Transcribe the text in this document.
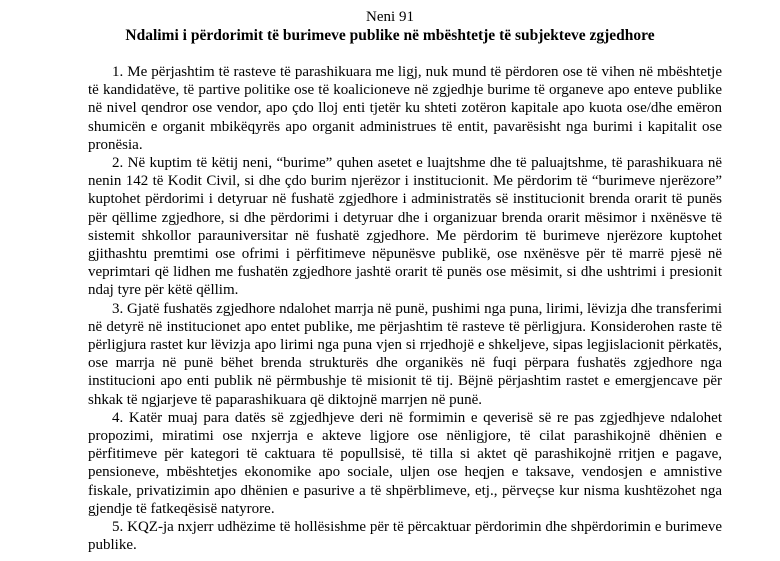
Neni 91
Ndalimi i përdorimit të burimeve publike në mbështetje të subjekteve zgjedhore

1. Me përjashtim të rasteve të parashikuara me ligj, nuk mund të përdoren ose të vihen në mbështetje të kandidatëve, të partive politike ose të koalicioneve në zgjedhje burime të organeve apo enteve publike në nivel qendror ose vendor, apo çdo lloj enti tjetër ku shteti zotëron kapitale apo kuota ose/dhe emëron shumicën e organit mbikëqyrës apo organit administrues të entit, pavarësisht nga burimi i kapitalit ose pronësia.

2. Në kuptim të këtij neni, “burime” quhen asetet e luajtshme dhe të paluajtshme, të parashikuara në nenin 142 të Kodit Civil, si dhe çdo burim njerëzor i institucionit. Me përdorim të “burimeve njerëzore” kuptohet përdorimi i detyruar në fushatë zgjedhore i administratës së institucionit brenda orarit të punës për qëllime zgjedhore, si dhe përdorimi i detyruar dhe i organizuar brenda orarit mësimor i nxënësve të sistemit shkollor parauniversitar në fushatë zgjedhore. Me përdorim të burimeve njerëzore kuptohet gjithashtu premtimi ose ofrimi i përfitimeve nëpunësve publikë, ose nxënësve për të marrë pjesë në veprimtari që lidhen me fushatën zgjedhore jashtë orarit të punës ose mësimit, si dhe ushtrimi i presionit ndaj tyre për këtë qëllim.

3. Gjatë fushatës zgjedhore ndalohet marrja në punë, pushimi nga puna, lirimi, lëvizja dhe transferimi në detyrë në institucionet apo entet publike, me përjashtim të rasteve të përligjura. Konsiderohen raste të përligjura rastet kur lëvizja apo lirimi nga puna vjen si rrjedhojë e shkeljeve, sipas legjislacionit përkatës, ose marrja në punë bëhet brenda strukturës dhe organikës në fuqi përpara fushatës zgjedhore nga institucioni apo enti publik në përmbushje të misionit të tij. Bëjnë përjashtim rastet e emergjencave për shkak të ngjarjeve të paparashikuara që diktojnë marrjen në punë.

4. Katër muaj para datës së zgjedhjeve deri në formimin e qeverisë së re pas zgjedhjeve ndalohet propozimi, miratimi ose nxjerrja e akteve ligjore ose nënligjore, të cilat parashikojnë dhënien e përfitimeve për kategori të caktuara të popullsisë, të tilla si aktet që parashikojnë rritjen e pagave, pensioneve, mbështetjes ekonomike apo sociale, uljen ose heqjen e taksave, vendosjen e amnistive fiskale, privatizimin apo dhënien e pasurive a të shpërblimeve, etj., përveçse kur nisma kushtëzohet nga gjendje të fatkeqësisë natyrore.

5. KQZ-ja nxjerr udhëzime të hollësishme për të përcaktuar përdorimin dhe shpërdorimin e burimeve publike.
